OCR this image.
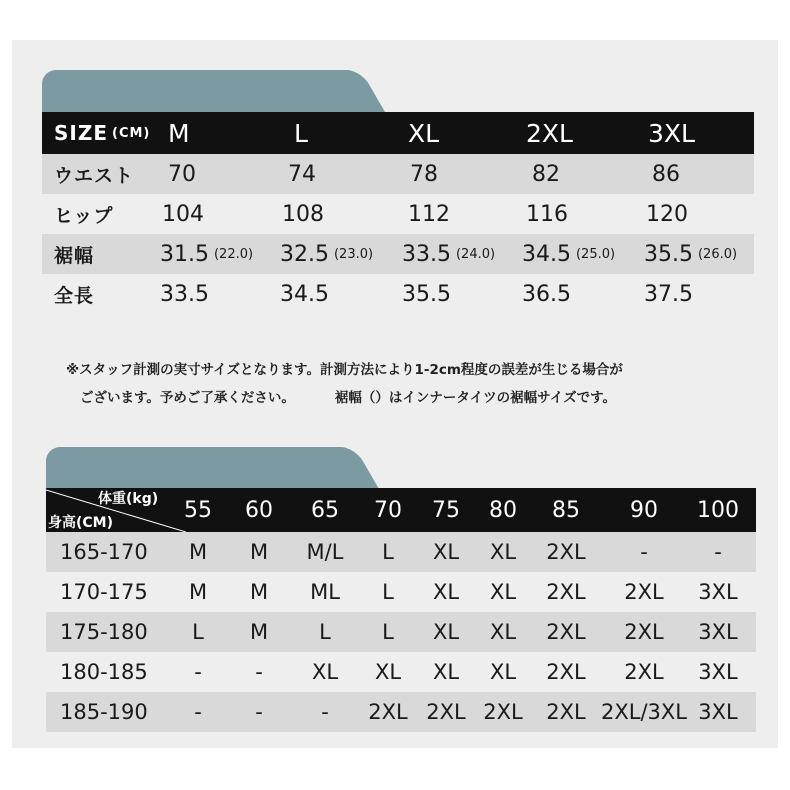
SIZE (CM) M	L	XL	2XL	3XL
ウエスト 70	74	78	82	86
ヒップ 104	108	112	116	120
裾幅	31.5 (22.0) 32.5 (23.0) 33.5 (24.0) 34.5 (25.0) 35.5 (26.0)
全長	33.5	34.5	35.5	36.5	37.5
※スタッフ計測の実寸サイズとなります。計測方法により1-2cm程度の誤差が生じる場合が
ございます。予めご了承ください。	裾幅（）はインナータイツの裾幅サイズです。
体重(kg)
身高(CM)
55 60 65 70 75 80 85 90 100
165-170 M M M/L L XL XL 2XL	-	-
170-175 M M ML L XL XL 2XL 2XL 3XL
175-180 L M L L XL XL 2XL 2XL 3XL
180-185 -	- XL XL XL XL 2XL 2XL 3XL
185-190 -	-	- 2XL 2XL 2XL 2XL 2XL/3XL 3XL
